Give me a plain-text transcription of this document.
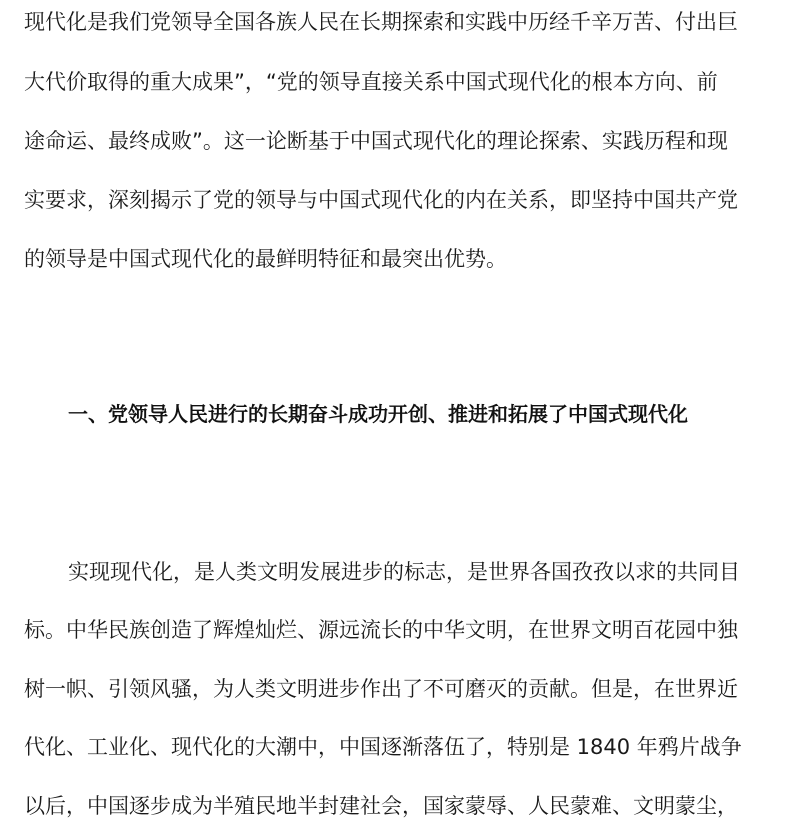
现代化是我们党领导全国各族人民在长期探索和实践中历经千辛万苦、付出巨
大代价取得的重大成果”，“党的领导直接关系中国式现代化的根本方向、前
途命运、最终成败”。这一论断基于中国式现代化的理论探索、实践历程和现
实要求，深刻揭示了党的领导与中国式现代化的内在关系，即坚持中国共产党
的领导是中国式现代化的最鲜明特征和最突出优势。
一、党领导人民进行的长期奋斗成功开创、推进和拓展了中国式现代化
实现现代化，是人类文明发展进步的标志，是世界各国孜孜以求的共同目
标。中华民族创造了辉煌灿烂、源远流长的中华文明，在世界文明百花园中独
树一帜、引领风骚，为人类文明进步作出了不可磨灭的贡献。但是，在世界近
代化、工业化、现代化的大潮中，中国逐渐落伍了，特别是 1840 年鸦片战争
以后，中国逐步成为半殖民地半封建社会，国家蒙辱、人民蒙难、文明蒙尘，
